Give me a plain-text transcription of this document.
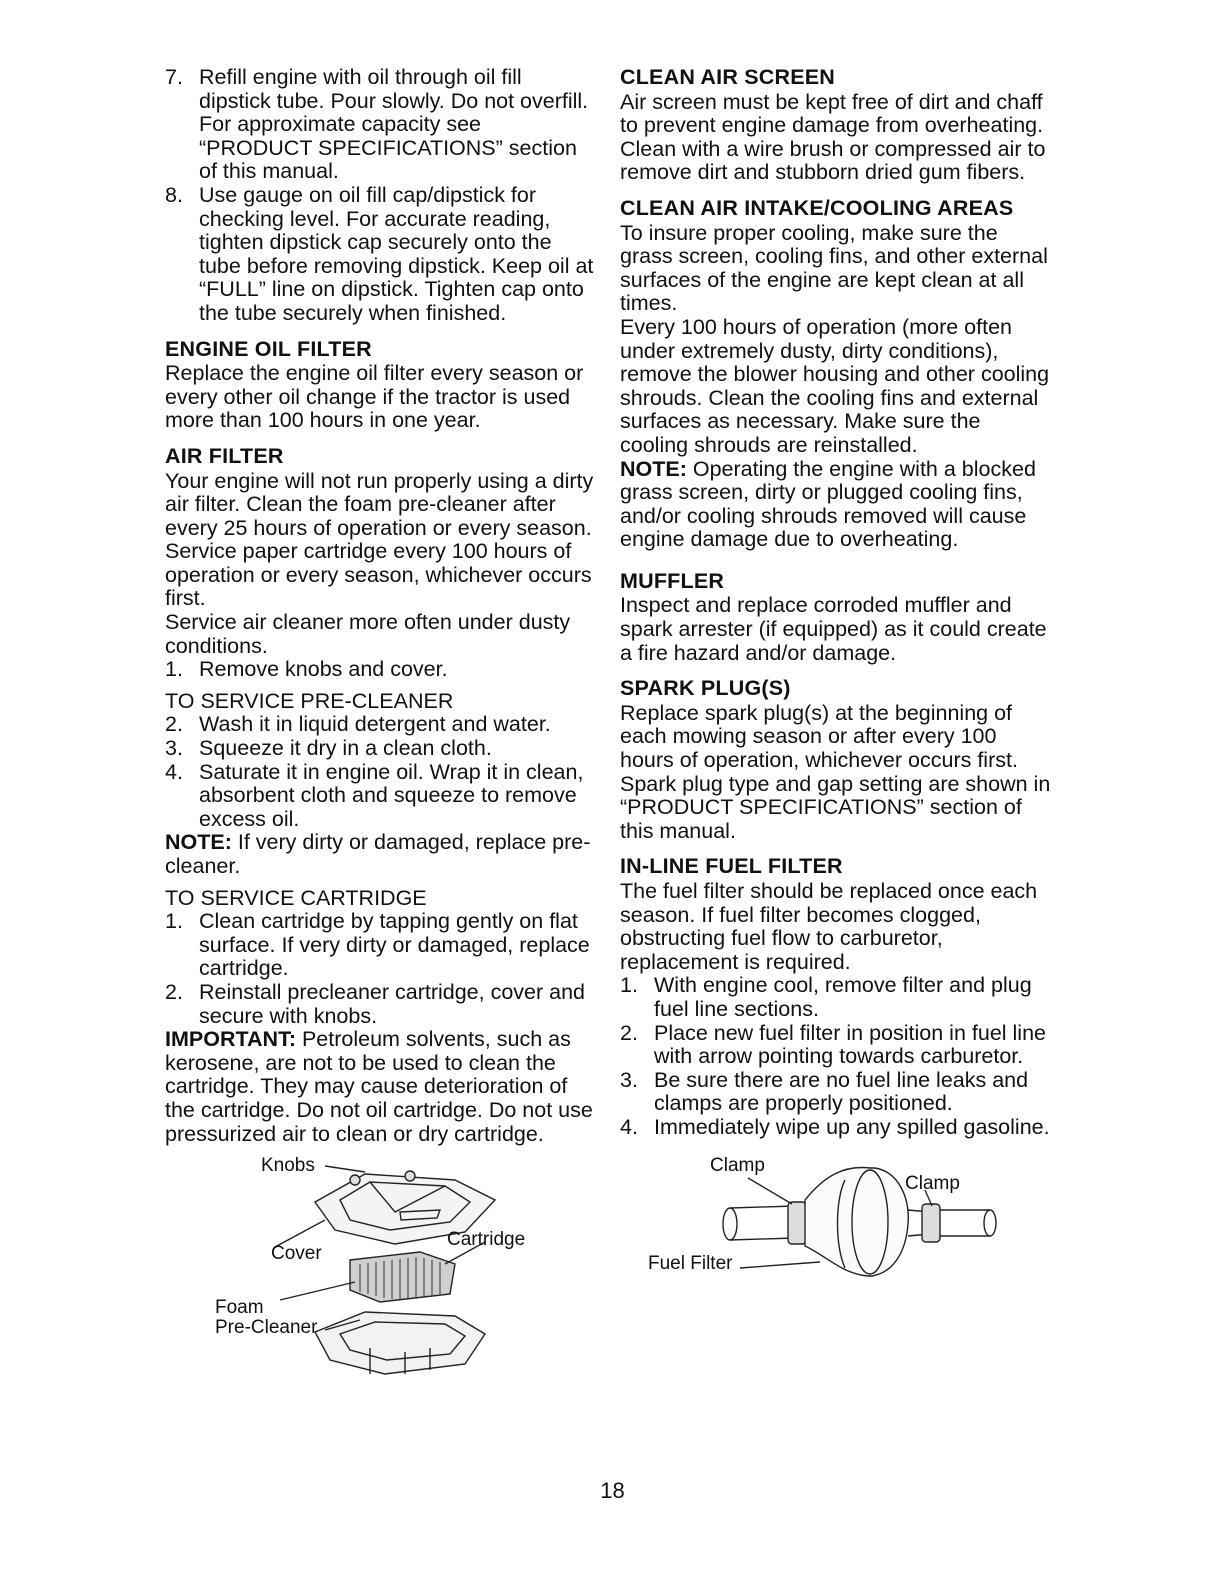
7. Refill engine with oil through oil fill dipstick tube. Pour slowly. Do not overfill. For approximate capacity see “PRODUCT SPECIFICATIONS” section of this manual.
8. Use gauge on oil fill cap/dipstick for checking level. For accurate reading, tighten dipstick cap securely onto the tube before removing dipstick. Keep oil at “FULL” line on dipstick. Tighten cap onto the tube securely when finished.
ENGINE OIL FILTER

Replace the engine oil filter every season or every other oil change if the tractor is used more than 100 hours in one year.

AIR FILTER

Your engine will not run properly using a dirty air filter. Clean the foam pre-cleaner after every 25 hours of operation or every season. Service paper cartridge every 100 hours of operation or every season, whichever occurs first.

Service air cleaner more often under dusty conditions.

1. Remove knobs and cover.

TO SERVICE PRE-CLEANER

2. Wash it in liquid detergent and water.
3. Squeeze it dry in a clean cloth.
4. Saturate it in engine oil. Wrap it in clean, absorbent cloth and squeeze to remove excess oil.

NOTE: If very dirty or damaged, replace pre-cleaner.

TO SERVICE CARTRIDGE

1. Clean cartridge by tapping gently on flat surface. If very dirty or damaged, replace cartridge.
2. Reinstall precleaner cartridge, cover and secure with knobs.

IMPORTANT: Petroleum solvents, such as kerosene, are not to be used to clean the cartridge. They may cause deterioration of the cartridge. Do not oil cartridge. Do not use pressurized air to clean or dry cartridge.

Knobs
Cover
Cartridge
Foam
Pre-Cleaner
CLEAN AIR SCREEN

Air screen must be kept free of dirt and chaff to prevent engine damage from overheating. Clean with a wire brush or compressed air to remove dirt and stubborn dried gum fibers.

CLEAN AIR INTAKE/COOLING AREAS

To insure proper cooling, make sure the grass screen, cooling fins, and other external surfaces of the engine are kept clean at all times.

Every 100 hours of operation (more often under extremely dusty, dirty conditions), remove the blower housing and other cooling shrouds. Clean the cooling fins and external surfaces as necessary. Make sure the cooling shrouds are reinstalled.

NOTE: Operating the engine with a blocked grass screen, dirty or plugged cooling fins, and/or cooling shrouds removed will cause engine damage due to overheating.

MUFFLER

Inspect and replace corroded muffler and spark arrester (if equipped) as it could create a fire hazard and/or damage.

SPARK PLUG(S)

Replace spark plug(s) at the beginning of each mowing season or after every 100 hours of operation, whichever occurs first. Spark plug type and gap setting are shown in “PRODUCT SPECIFICATIONS” section of this manual.

IN-LINE FUEL FILTER

The fuel filter should be replaced once each season. If fuel filter becomes clogged, obstructing fuel flow to carburetor, replacement is required.

1. With engine cool, remove filter and plug fuel line sections.
2. Place new fuel filter in position in fuel line with arrow pointing towards carburetor.
3. Be sure there are no fuel line leaks and clamps are properly positioned.
4. Immediately wipe up any spilled gasoline.
Clamp
Clamp
Fuel Filter
18
